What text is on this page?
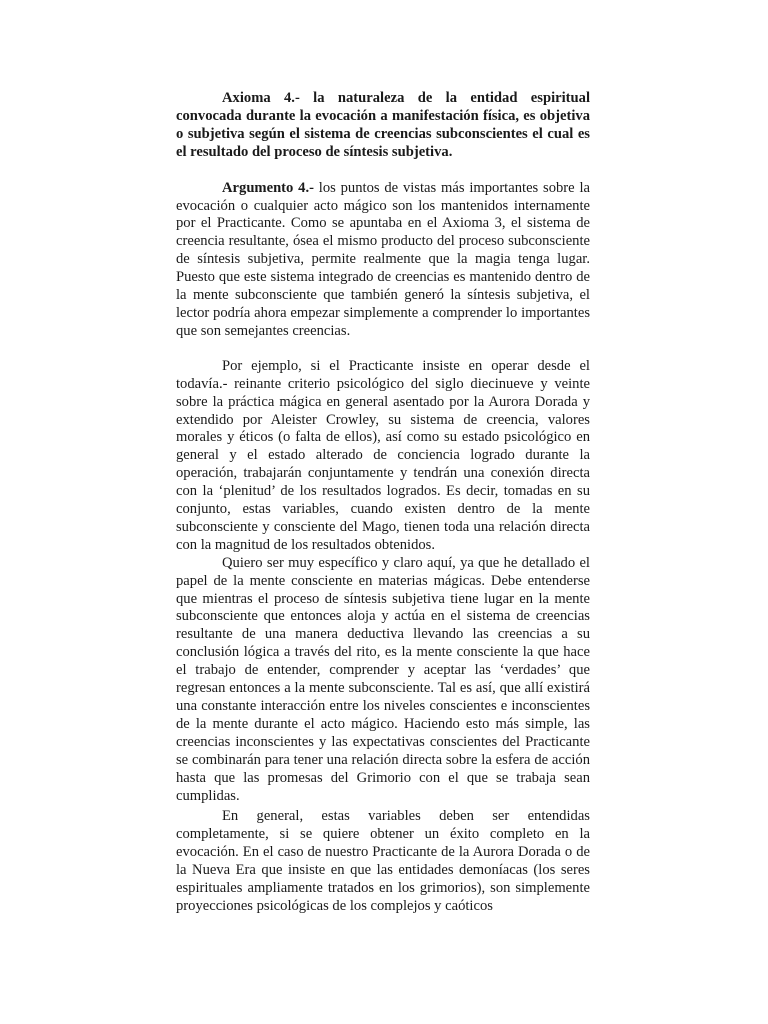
Axioma 4.- la naturaleza de la entidad espiritual convocada durante la evocación a manifestación física, es objetiva o subjetiva según el sistema de creencias subconscientes el cual es el resultado del proceso de síntesis subjetiva.

Argumento 4.- los puntos de vistas más importantes sobre la evocación o cualquier acto mágico son los mantenidos internamente por el Practicante. Como se apuntaba en el Axioma 3, el sistema de creencia resultante, ósea el mismo producto del proceso subconsciente de síntesis subjetiva, permite realmente que la magia tenga lugar. Puesto que este sistema integrado de creencias es mantenido dentro de la mente subconsciente que también generó la síntesis subjetiva, el lector podría ahora empezar simplemente a comprender lo importantes que son semejantes creencias.

Por ejemplo, si el Practicante insiste en operar desde el todavía.- reinante criterio psicológico del siglo diecinueve y veinte sobre la práctica mágica en general asentado por la Aurora Dorada y extendido por Aleister Crowley, su sistema de creencia, valores morales y éticos (o falta de ellos), así como su estado psicológico en general y el estado alterado de conciencia logrado durante la operación, trabajarán conjuntamente y tendrán una conexión directa con la ‘plenitud’ de los resultados logrados. Es decir, tomadas en su conjunto, estas variables, cuando existen dentro de la mente subconsciente y consciente del Mago, tienen toda una relación directa con la magnitud de los resultados obtenidos.

Quiero ser muy específico y claro aquí, ya que he detallado el papel de la mente consciente en materias mágicas. Debe entenderse que mientras el proceso de síntesis subjetiva tiene lugar en la mente subconsciente que entonces aloja y actúa en el sistema de creencias resultante de una manera deductiva llevando las creencias a su conclusión lógica a través del rito, es la mente consciente la que hace el trabajo de entender, comprender y aceptar las ‘verdades’ que regresan entonces a la mente subconsciente. Tal es así, que allí existirá una constante interacción entre los niveles conscientes e inconscientes de la mente durante el acto mágico. Haciendo esto más simple, las creencias inconscientes y las expectativas conscientes del Practicante se combinarán para tener una relación directa sobre la esfera de acción hasta que las promesas del Grimorio con el que se trabaja sean cumplidas.

En general, estas variables deben ser entendidas completamente, si se quiere obtener un éxito completo en la evocación. En el caso de nuestro Practicante de la Aurora Dorada o de la Nueva Era que insiste en que las entidades demoníacas (los seres espirituales ampliamente tratados en los grimorios), son simplemente proyecciones psicológicas de los complejos y caóticos
